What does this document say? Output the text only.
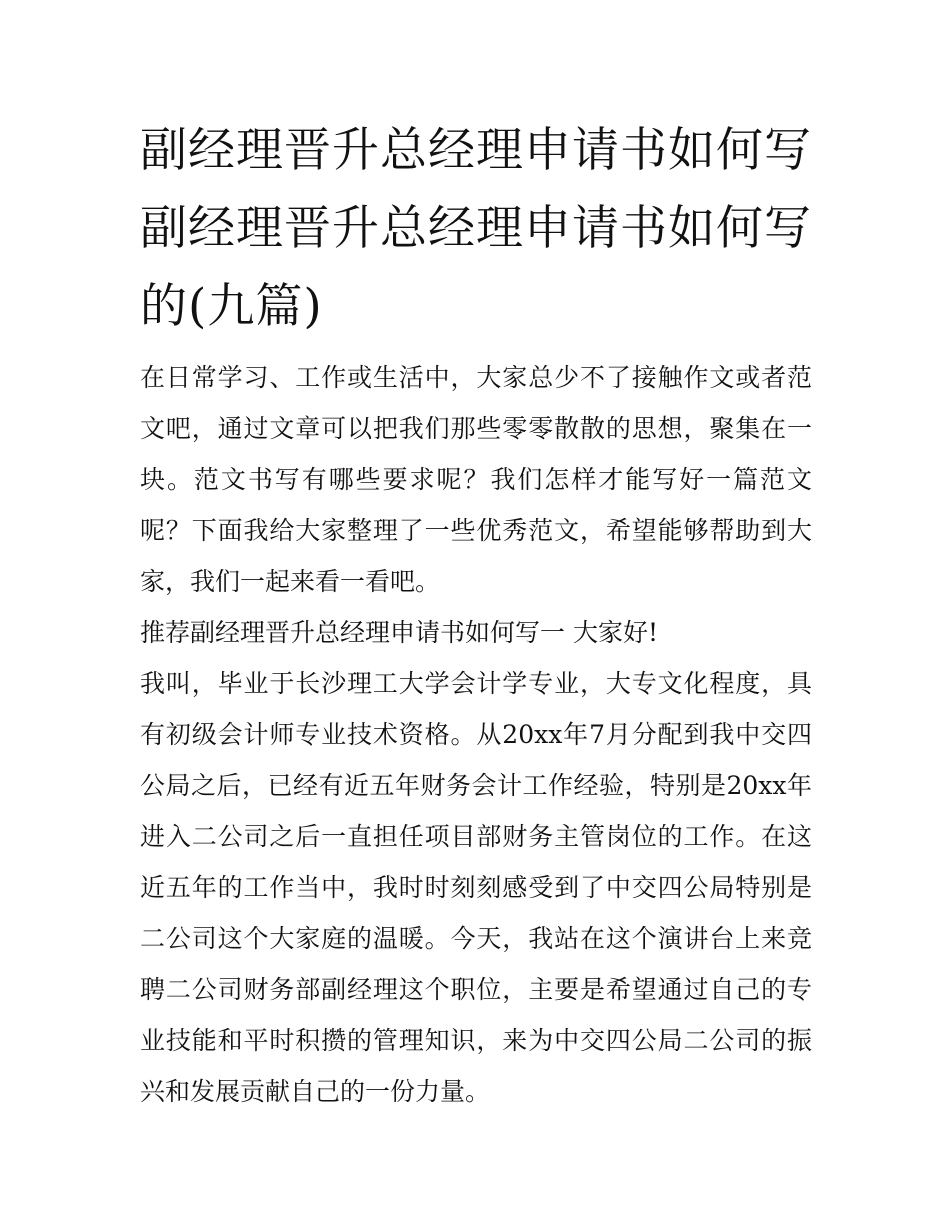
副经理晋升总经理申请书如何写 副经理晋升总经理申请书如何写的(九篇)

在日常学习、工作或生活中，大家总少不了接触作文或者范文吧，通过文章可以把我们那些零零散散的思想，聚集在一块。范文书写有哪些要求呢？我们怎样才能写好一篇范文呢？下面我给大家整理了一些优秀范文，希望能够帮助到大家，我们一起来看一看吧。

推荐副经理晋升总经理申请书如何写一 大家好!

我叫，毕业于长沙理工大学会计学专业，大专文化程度，具有初级会计师专业技术资格。从20xx年7月分配到我中交四公局之后，已经有近五年财务会计工作经验，特别是20xx年进入二公司之后一直担任项目部财务主管岗位的工作。在这近五年的工作当中，我时时刻刻感受到了中交四公局特别是二公司这个大家庭的温暖。今天，我站在这个演讲台上来竞聘二公司财务部副经理这个职位，主要是希望通过自己的专业技能和平时积攒的管理知识，来为中交四公局二公司的振兴和发展贡献自己的一份力量。
